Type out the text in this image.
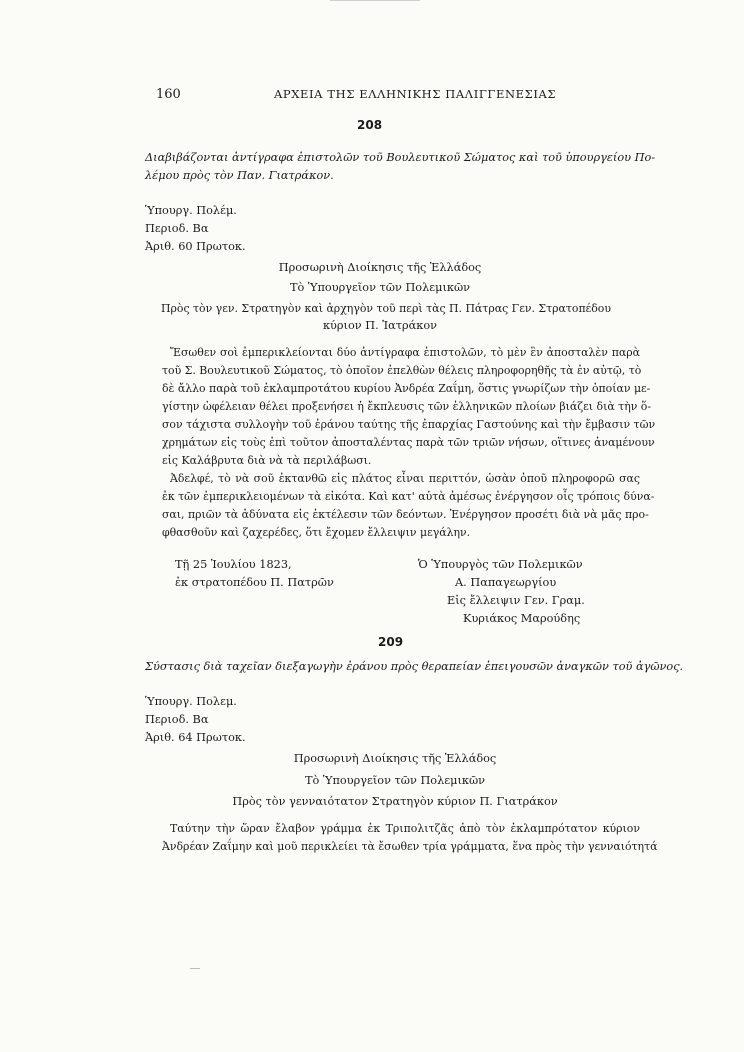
160	ΑΡΧΕΙΑ ΤΗΣ ΕΛΛΗΝΙΚΗΣ ΠΑΛΙΓΓΕΝΕΣΙΑΣ
208
Διαβιβάζονται ἀντίγραφα ἐπιστολῶν τοῦ Βουλευτικοῦ Σώματος καὶ τοῦ ὑπουργείου Πο-
λέμου πρὸς τὸν Παν. Γιατράκον.
Ὑπουργ. Πολέμ.
Περιοδ. Βα
Ἀριθ. 60 Πρωτοκ.
Προσωρινὴ Διοίκησις τῆς Ἑλλάδος
Τὸ Ὑπουργεῖον τῶν Πολεμικῶν
Πρὸς τὸν γεν. Στρατηγὸν καὶ ἀρχηγὸν τοῦ περὶ τὰς Π. Πάτρας Γεν. Στρατοπέδου
κύριον Π. Ἰατράκον
Ἔσωθεν σοὶ ἐμπερικλείονται δύο ἀντίγραφα ἐπιστολῶν, τὸ μὲν ἓν ἀποσταλὲν παρὰ
τοῦ Σ. Βουλευτικοῦ Σώματος, τὸ ὁποῖον ἐπελθὼν θέλεις πληροφορηθῆς τὰ ἐν αὐτῷ, τὸ
δὲ ἄλλο παρὰ τοῦ ἐκλαμπροτάτου κυρίου Ἀνδρέα Ζαΐμη, ὅστις γνωρίζων τὴν ὁποίαν με-
γίστην ὠφέλειαν θέλει προξενήσει ἡ ἔκπλευσις τῶν ἑλληνικῶν πλοίων βιάζει διὰ τὴν ὅ-
σον τάχιστα συλλογὴν τοῦ ἐράνου ταύτης τῆς ἐπαρχίας Γαστούνης καὶ τὴν ἔμβασιν τῶν
χρημάτων εἰς τοὺς ἐπὶ τοῦτον ἀποσταλέντας παρὰ τῶν τριῶν νήσων, οἵτινες ἀναμένουν
εἰς Καλάβρυτα διὰ νὰ τὰ περιλάβωσι.
Ἀδελφέ, τὸ νὰ σοῦ ἐκτανθῶ εἰς πλάτος εἶναι περιττόν, ὡσὰν ὁποῦ πληροφορῶ σας
ἐκ τῶν ἐμπερικλειομένων τὰ εἰκότα. Καὶ κατ' αὐτὰ ἀμέσως ἐνέργησον οἷς τρόποις δύνα-
σαι, πριῶν τὰ ἀδύνατα εἰς ἐκτέλεσιν τῶν δεόντων. Ἐνέργησον προσέτι διὰ νὰ μᾶς προ-
φθασθοῦν καὶ ζαχερέδες, ὅτι ἔχομεν ἔλλειψιν μεγάλην.
Τῇ 25 Ἰουλίου 1823,
ἐκ στρατοπέδου Π. Πατρῶν
Ὁ Ὑπουργὸς τῶν Πολεμικῶν
Α. Παπαγεωργίου
Εἰς ἔλλειψιν Γεν. Γραμ.
Κυριάκος Μαρούδης
209
Σύστασις διὰ ταχεῖαν διεξαγωγὴν ἐράνου πρὸς θεραπείαν ἐπειγουσῶν ἀναγκῶν τοῦ ἀγῶνος.
Ὑπουργ. Πολεμ.
Περιοδ. Βα
Ἀριθ. 64 Πρωτοκ.
Προσωρινὴ Διοίκησις τῆς Ἑλλάδος
Τὸ Ὑπουργεῖον τῶν Πολεμικῶν
Πρὸς τὸν γενναιότατον Στρατηγὸν κύριον Π. Γιατράκον
Ταύτην τὴν ὥραν ἔλαβον γράμμα ἐκ Τριπολιτζᾶς ἀπὸ τὸν ἐκλαμπρότατον κύριον
Ἀνδρέαν Ζαΐμην καὶ μοῦ περικλείει τὰ ἔσωθεν τρία γράμματα, ἕνα πρὸς τὴν γενναιότητά
